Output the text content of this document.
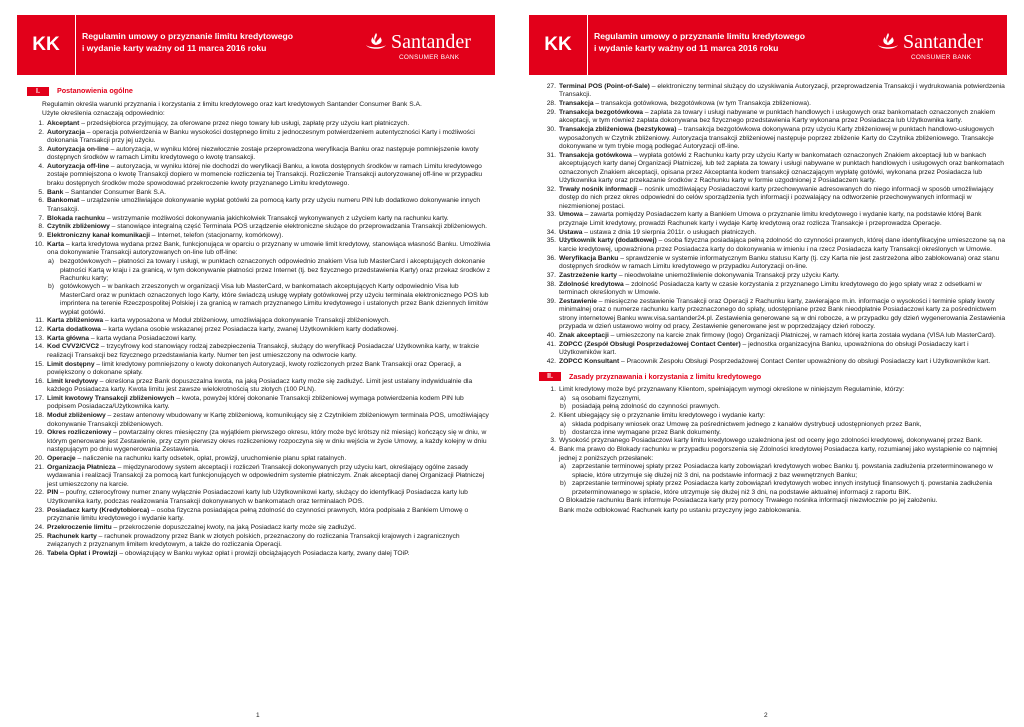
KK	Regulamin umowy o przyznanie limitu kredytowego
i wydanie karty ważny od 11 marca 2016 roku	Santander
CONSUMER BANK
I.	Postanowienia ogólne

Regulamin określa warunki przyznania i korzystania z limitu kredytowego oraz kart kredytowych Santander Consumer Bank S.A.

Użyte określenia oznaczają odpowiednio:

1. Akceptant – przedsiębiorca przyjmujący, za oferowane przez niego towary lub usługi, zapłatę przy użyciu kart płatniczych.
2. Autoryzacja – operacja potwierdzenia w Banku wysokości dostępnego limitu z jednoczesnym potwierdzeniem autentyczności Karty i możliwości dokonania Transakcji przy jej użyciu.
3. Autoryzacja on-line – autoryzacja, w wyniku której niezwłocznie zostaje przeprowadzona weryfikacja Banku oraz następuje pomniejszenie kwoty dostępnych środków w ramach Limitu kredytowego o kwotę transakcji.
4. Autoryzacja off-line – autoryzacja, w wyniku której nie dochodzi do weryfikacji Banku, a kwota dostępnych środków w ramach Limitu kredytowego zostaje pomniejszona o kwotę Transakcji dopiero w momencie rozliczenia tej Transakcji. Rozliczenie Transakcji autoryzowanej off-line w przypadku braku dostępnych środków może spowodować przekroczenie kwoty przyznanego Limitu kredytowego.
5. Bank – Santander Consumer Bank S.A.
6. Bankomat – urządzenie umożliwiające dokonywanie wypłat gotówki za pomocą karty przy użyciu numeru PIN lub dodatkowo dokonywanie innych Transakcji.
7. Blokada rachunku – wstrzymanie możliwości dokonywania jakichkolwiek Transakcji wykonywanych z użyciem karty na rachunku karty.
8. Czytnik zbliżeniowy – stanowiące integralną część Terminala POS urządzenie elektroniczne służące do przeprowadzania Transakcji zbliżeniowych.
9. Elektroniczny kanał komunikacji – Internet, telefon (stacjonarny, komórkowy).
10. Karta – karta kredytowa wydana przez Bank, funkcjonująca w oparciu o przyznany w umowie limit kredytowy, stanowiąca własność Banku. Umożliwia ona dokonywanie Transakcji autoryzowanych on-line lub off-line:
a) bezgotówkowych – płatności za towary i usługi, w punktach oznaczonych odpowiednio znakiem Visa lub MasterCard i akceptujących dokonanie płatności Kartą w kraju i za granicą, w tym dokonywanie płatności przez Internet (tj. bez fizycznego przedstawienia Karty) oraz przekaz środków z Rachunku karty;
b) gotówkowych – w bankach zrzeszonych w organizacji Visa lub MasterCard, w bankomatach akceptujących Karty odpowiednio Visa lub MasterCard oraz w punktach oznaczonych logo Karty, które świadczą usługę wypłaty gotówkowej przy użyciu terminala elektronicznego POS lub imprintera na terenie Rzeczpospolitej Polskiej i za granicą w ramach przyznanego Limitu kredytowego i ustalonych przez Bank dziennych limitów wypłat gotówki.
11. Karta zbliżeniowa – karta wyposażona w Moduł zbliżeniowy, umożliwiająca dokonywanie Transakcji zbliżeniowych.
12. Karta dodatkowa – karta wydana osobie wskazanej przez Posiadacza karty, zwanej Użytkownikiem karty dodatkowej.
13. Karta główna – karta wydana Posiadaczowi karty.
14. Kod CVV2/CVC2 – trzycyfrowy kod stanowiący rodzaj zabezpieczenia Transakcji, służący do weryfikacji Posiadacza/ Użytkownika karty, w trakcie realizacji Transakcji bez fizycznego przedstawiania karty. Numer ten jest umieszczony na odwrocie karty.
15. Limit dostępny – limit kredytowy pomniejszony o kwoty dokonanych Autoryzacji, kwoty rozliczonych przez Bank Transakcji oraz Operacji, a powiększony o dokonane spłaty.
16. Limit kredytowy – określona przez Bank dopuszczalna kwota, na jaką Posiadacz karty może się zadłużyć. Limit jest ustalany indywidualnie dla każdego Posiadacza karty. Kwota limitu jest zawsze wielokrotnością stu złotych (100 PLN).
17. Limit kwotowy Transakcji zbliżeniowych – kwota, powyżej której dokonanie Transakcji zbliżeniowej wymaga potwierdzenia kodem PIN lub podpisem Posiadacza/Użytkownika karty.
18. Moduł zbliżeniowy – zestaw antenowy wbudowany w Kartę zbliżeniową, komunikujący się z Czytnikiem zbliżeniowym terminala POS, umożliwiający dokonywanie Transakcji zbliżeniowych.
19. Okres rozliczeniowy – powtarzalny okres miesięczny (za wyjątkiem pierwszego okresu, który może być krótszy niż miesiąc) kończący się w dniu, w którym generowane jest Zestawienie, przy czym pierwszy okres rozliczeniowy rozpoczyna się w dniu wejścia w życie Umowy, a każdy kolejny w dniu następującym po dniu wygenerowania Zestawienia.
20. Operacje – naliczenie na rachunku karty odsetek, opłat, prowizji, uruchomienie planu spłat ratalnych.
21. Organizacja Płatnicza – międzynarodowy system akceptacji i rozliczeń Transakcji dokonywanych przy użyciu kart, określający ogólne zasady wydawania i realizacji Transakcji za pomocą kart funkcjonujących w odpowiednim systemie płatniczym. Znak akceptacji danej Organizacji Płatniczej jest umieszczony na karcie.
22. PIN – poufny, czterocyfrowy numer znany wyłącznie Posiadaczowi karty lub Użytkownikowi karty, służący do identyfikacji Posiadacza karty lub Użytkownika karty, podczas realizowania Transakcji dokonywanych w bankomatach oraz terminalach POS.
23. Posiadacz karty (Kredytobiorca) – osoba fizyczna posiadająca pełną zdolność do czynności prawnych, która podpisała z Bankiem Umowę o przyznanie limitu kredytowego i wydanie karty.
24. Przekroczenie limitu – przekroczenie dopuszczalnej kwoty, na jaką Posiadacz karty może się zadłużyć.
25. Rachunek karty – rachunek prowadzony przez Bank w złotych polskich, przeznaczony do rozliczania Transakcji krajowych i zagranicznych związanych z przyznanym limitem kredytowym, a także do rozliczania Operacji.
26. Tabela Opłat i Prowizji – obowiązujący w Banku wykaz opłat i prowizji obciążających Posiadacza karty, zwany dalej TOiP.
1
KK	Regulamin umowy o przyznanie limitu kredytowego
i wydanie karty ważny od 11 marca 2016 roku	Santander
CONSUMER BANK
27. Terminal POS (Point-of-Sale) – elektroniczny terminal służący do uzyskiwania Autoryzacji, przeprowadzenia Transakcji i wydrukowania potwierdzenia Transakcji.
28. Transakcja – transakcja gotówkowa, bezgotówkowa (w tym Transakcja zbliżeniowa).
29. Transakcja bezgotówkowa – zapłata za towary i usługi nabywane w punktach handlowych i usługowych oraz bankomatach oznaczonych znakiem akceptacji, w tym również zapłata dokonywana bez fizycznego przedstawienia Karty wykonana przez Posiadacza lub Użytkownika karty.
30. Transakcja zbliżeniowa (bezstykowa) – transakcja bezgotówkowa dokonywana przy użyciu Karty zbliżeniowej w punktach handlowo-usługowych wyposażonych w Czytnik zbliżeniowy. Autoryzacja transakcji zbliżeniowej następuje poprzez zbliżenie Karty do Czytnika zbliżeniowego. Transakcje dokonywane w tym trybie mogą podlegać Autoryzacji off-line.
31. Transakcja gotówkowa – wypłata gotówki z Rachunku karty przy użyciu Karty w bankomatach oznaczonych Znakiem akceptacji lub w bankach akceptujących karty danej Organizacji Płatniczej, lub też zapłata za towary i usługi nabywane w punktach handlowych i usługowych oraz bankomatach oznaczonych Znakiem akceptacji, opisana przez Akceptanta kodem transakcji oznaczającym wypłatę gotówki, wykonana przez Posiadacza lub Użytkownika karty oraz przekazanie środków z Rachunku karty w formie uzgodnionej z Posiadaczem karty.
32. Trwały nośnik informacji – nośnik umożliwiający Posiadaczowi karty przechowywanie adresowanych do niego informacji w sposób umożliwiający dostęp do nich przez okres odpowiedni do celów sporządzenia tych informacji i pozwalający na odtworzenie przechowywanych informacji w niezmienionej postaci.
33. Umowa – zawarta pomiędzy Posiadaczem karty a Bankiem Umowa o przyznanie limitu kredytowego i wydanie karty, na podstawie której Bank przyznaje Limit kredytowy, prowadzi Rachunek karty i wydaje Kartę kredytową oraz rozlicza Transakcje i przeprowadza Operacje.
34. Ustawa – ustawa z dnia 19 sierpnia 2011r. o usługach płatniczych.
35. Użytkownik karty (dodatkowej) – osoba fizyczna posiadająca pełną zdolność do czynności prawnych, której dane identyfikacyjne umieszczone są na karcie kredytowej, upoważniona przez Posiadacza karty do dokonywania w imieniu i na rzecz Posiadacza karty Transakcji określonych w Umowie.
36. Weryfikacja Banku – sprawdzenie w systemie informatycznym Banku statusu Karty (tj. czy Karta nie jest zastrzeżona albo zablokowana) oraz stanu dostępnych środków w ramach Limitu kredytowego w przypadku Autoryzacji on-line.
37. Zastrzeżenie karty – nieodwołalne uniemożliwienie dokonywania Transakcji przy użyciu Karty.
38. Zdolność kredytowa – zdolność Posiadacza karty w czasie korzystania z przyznanego Limitu kredytowego do jego spłaty wraz z odsetkami w terminach określonych w Umowie.
39. Zestawienie – miesięczne zestawienie Transakcji oraz Operacji z Rachunku karty, zawierające m.in. informacje o wysokości i terminie spłaty kwoty minimalnej oraz o numerze rachunku karty przeznaczonego do spłaty, udostępniane przez Bank nieodpłatnie Posiadaczowi karty za pośrednictwem strony internetowej Banku www.visa.santander24.pl. Zestawienia generowane są w dni robocze, a w przypadku gdy dzień wygenerowania Zestawienia przypada w dzień ustawowo wolny od pracy, Zestawienie generowane jest w poprzedzający dzień roboczy.
40. Znak akceptacji – umieszczony na karcie znak firmowy (logo) Organizacji Płatniczej, w ramach której karta została wydana (VISA lub MasterCard).
41. ZOPCC (Zespół Obsługi Posprzedażowej Contact Center) – jednostka organizacyjna Banku, upoważniona do obsługi Posiadaczy kart i Użytkowników kart.
42. ZOPCC Konsultant – Pracownik Zespołu Obsługi Posprzedażowej Contact Center upoważniony do obsługi Posiadaczy kart i Użytkowników kart.
II.	Zasady przyznawania i korzystania z limitu kredytowego
1. Limit kredytowy może być przyznawany Klientom, spełniającym wymogi określone w niniejszym Regulaminie, którzy:
a) są osobami fizycznymi,
b) posiadają pełną zdolność do czynności prawnych.
2. Klient ubiegający się o przyznanie limitu kredytowego i wydanie karty:
a) składa podpisany wniosek oraz Umowę za pośrednictwem jednego z kanałów dystrybucji udostępnionych przez Bank,
b) dostarcza inne wymagane przez Bank dokumenty.
3. Wysokość przyznanego Posiadaczowi karty limitu kredytowego uzależniona jest od oceny jego zdolności kredytowej, dokonywanej przez Bank.
4. Bank ma prawo do Blokady rachunku w przypadku pogorszenia się Zdolności kredytowej Posiadacza karty, rozumianej jako wystąpienie co najmniej jednej z poniższych przesłanek:
a) zaprzestanie terminowej spłaty przez Posiadacza karty zobowiązań kredytowych wobec Banku tj. powstania zadłużenia przeterminowanego w spłacie, które utrzymuje się dłużej niż 3 dni, na podstawie informacji z baz wewnętrznych Banku;
b) zaprzestanie terminowej spłaty przez Posiadacza karty zobowiązań kredytowych wobec innych instytucji finansowych tj. powstania zadłużenia przeterminowanego w spłacie, które utrzymuje się dłużej niż 3 dni, na podstawie aktualnej informacji z raportu BIK.

O Blokadzie rachunku Bank informuje Posiadacza karty przy pomocy Trwałego nośnika informacji niezwłocznie po jej założeniu.

Bank może odblokować Rachunek karty po ustaniu przyczyny jego zablokowania.

2
